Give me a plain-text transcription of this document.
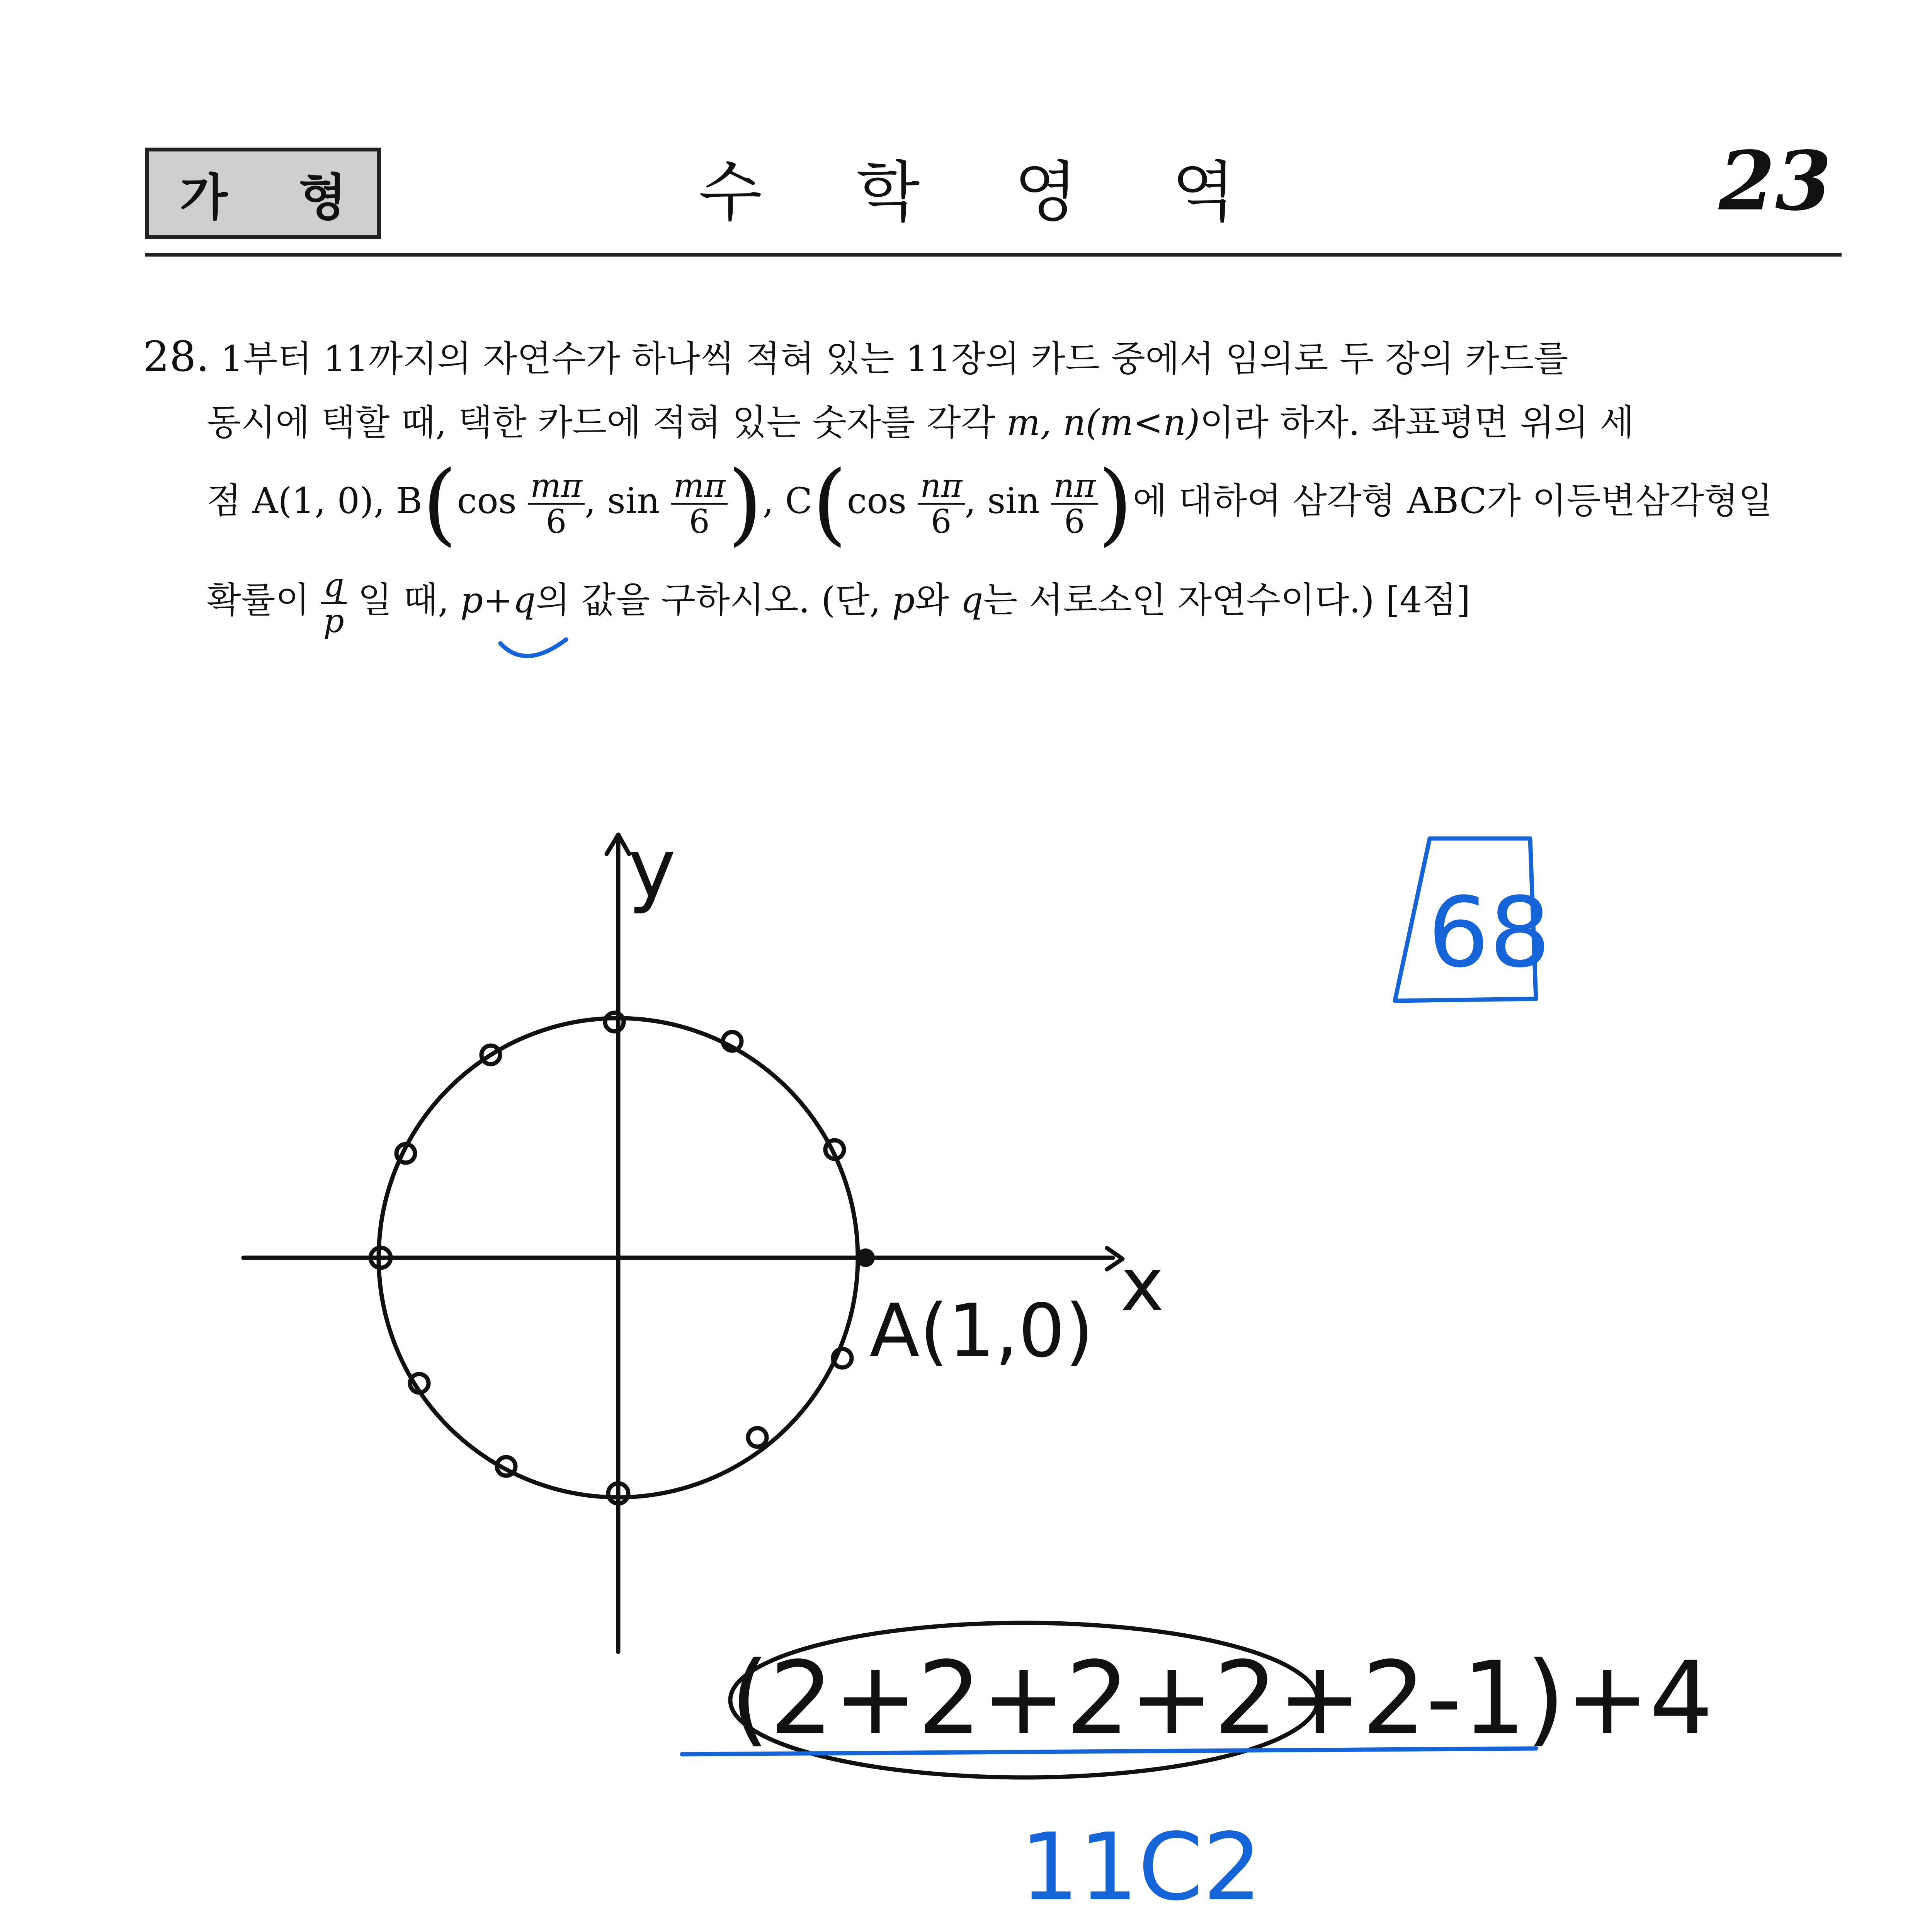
가 형	수 학 영 역	23
28. 1부터 11까지의 자연수가 하나씩 적혀 있는 11장의 카드 중에서 임의로 두 장의 카드를
동시에 택할 때, 택한 카드에 적혀 있는 숫자를 각각 m, n(m<n)이라 하자. 좌표평면 위의 세
점 A(1, 0), $B(\cos \frac{m\pi}{6}$ , $\sin \frac{m\pi}{6}$ ), $C(\cos \frac{n\pi}{6}$ , $\sin \frac{n\pi}{6}$ )에 대하여 삼각형 ABC가 이등변삼각형일
확률이 $\frac{q}{p}$ 일 때, p+q의 값을 구하시오. (단, p와 q는 서로소인 자연수이다.) [4점]
y
x
A(1,0)
68
(2+2+2+2+2-1)+4
11C2
